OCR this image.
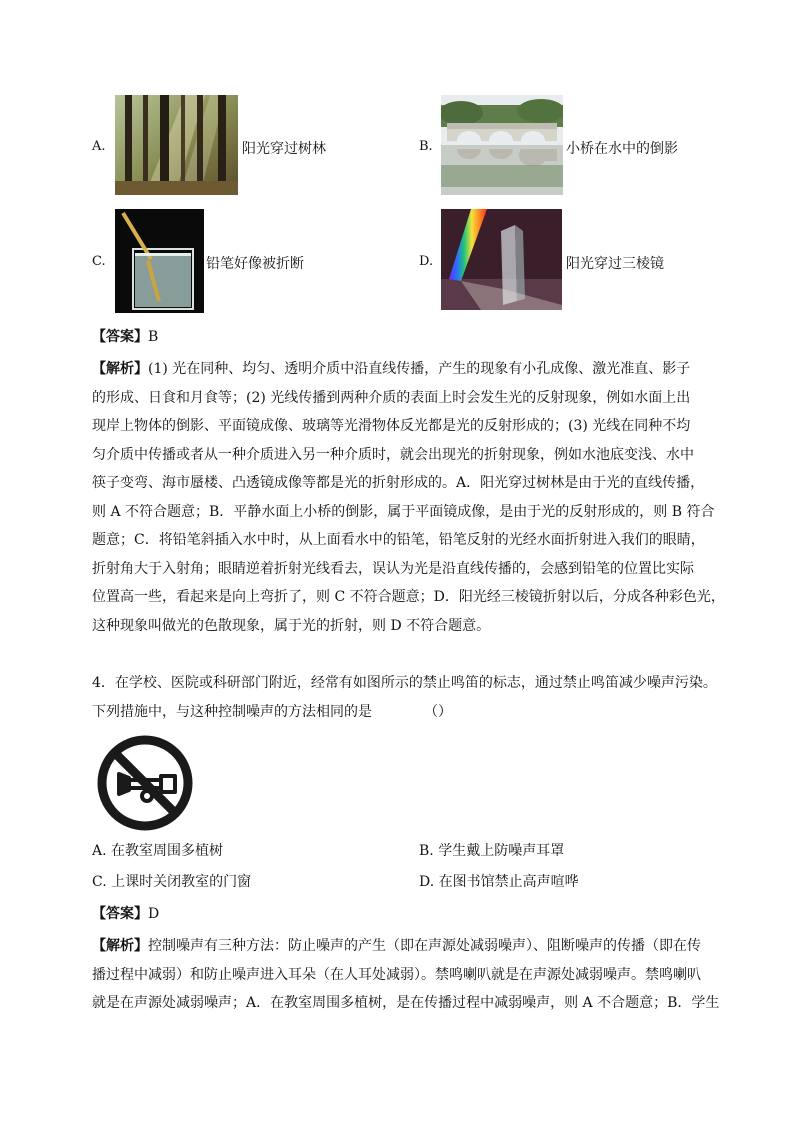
A.	阳光穿过树林	B.	小桥在水中的倒影
C.	铅笔好像被折断	D.	阳光穿过三棱镜
【答案】B
【解析】(1) 光在同种、均匀、透明介质中沿直线传播，产生的现象有小孔成像、激光准直、影子
的形成、日食和月食等；(2) 光线传播到两种介质的表面上时会发生光的反射现象，例如水面上出
现岸上物体的倒影、平面镜成像、玻璃等光滑物体反光都是光的反射形成的；(3) 光线在同种不均
匀介质中传播或者从一种介质进入另一种介质时，就会出现光的折射现象，例如水池底变浅、水中
筷子变弯、海市蜃楼、凸透镜成像等都是光的折射形成的。A．阳光穿过树林是由于光的直线传播，
则 A 不符合题意；B．平静水面上小桥的倒影，属于平面镜成像，是由于光的反射形成的，则 B 符合
题意；C．将铅笔斜插入水中时，从上面看水中的铅笔，铅笔反射的光经水面折射进入我们的眼睛，
折射角大于入射角；眼睛逆着折射光线看去，误认为光是沿直线传播的，会感到铅笔的位置比实际
位置高一些，看起来是向上弯折了，则 C 不符合题意；D．阳光经三棱镜折射以后，分成各种彩色光，
这种现象叫做光的色散现象，属于光的折射，则 D 不符合题意。
4．在学校、医院或科研部门附近，经常有如图所示的禁止鸣笛的标志，通过禁止鸣笛减少噪声污染。
下列措施中，与这种控制噪声的方法相同的是	（）
A. 在教室周围多植树	B. 学生戴上防噪声耳罩
C. 上课时关闭教室的门窗	D. 在图书馆禁止高声喧哗
【答案】D
【解析】控制噪声有三种方法：防止噪声的产生（即在声源处减弱噪声）、阻断噪声的传播（即在传
播过程中减弱）和防止噪声进入耳朵（在人耳处减弱）。禁鸣喇叭就是在声源处减弱噪声。禁鸣喇叭
就是在声源处减弱噪声；A．在教室周围多植树，是在传播过程中减弱噪声，则 A 不合题意；B．学生
